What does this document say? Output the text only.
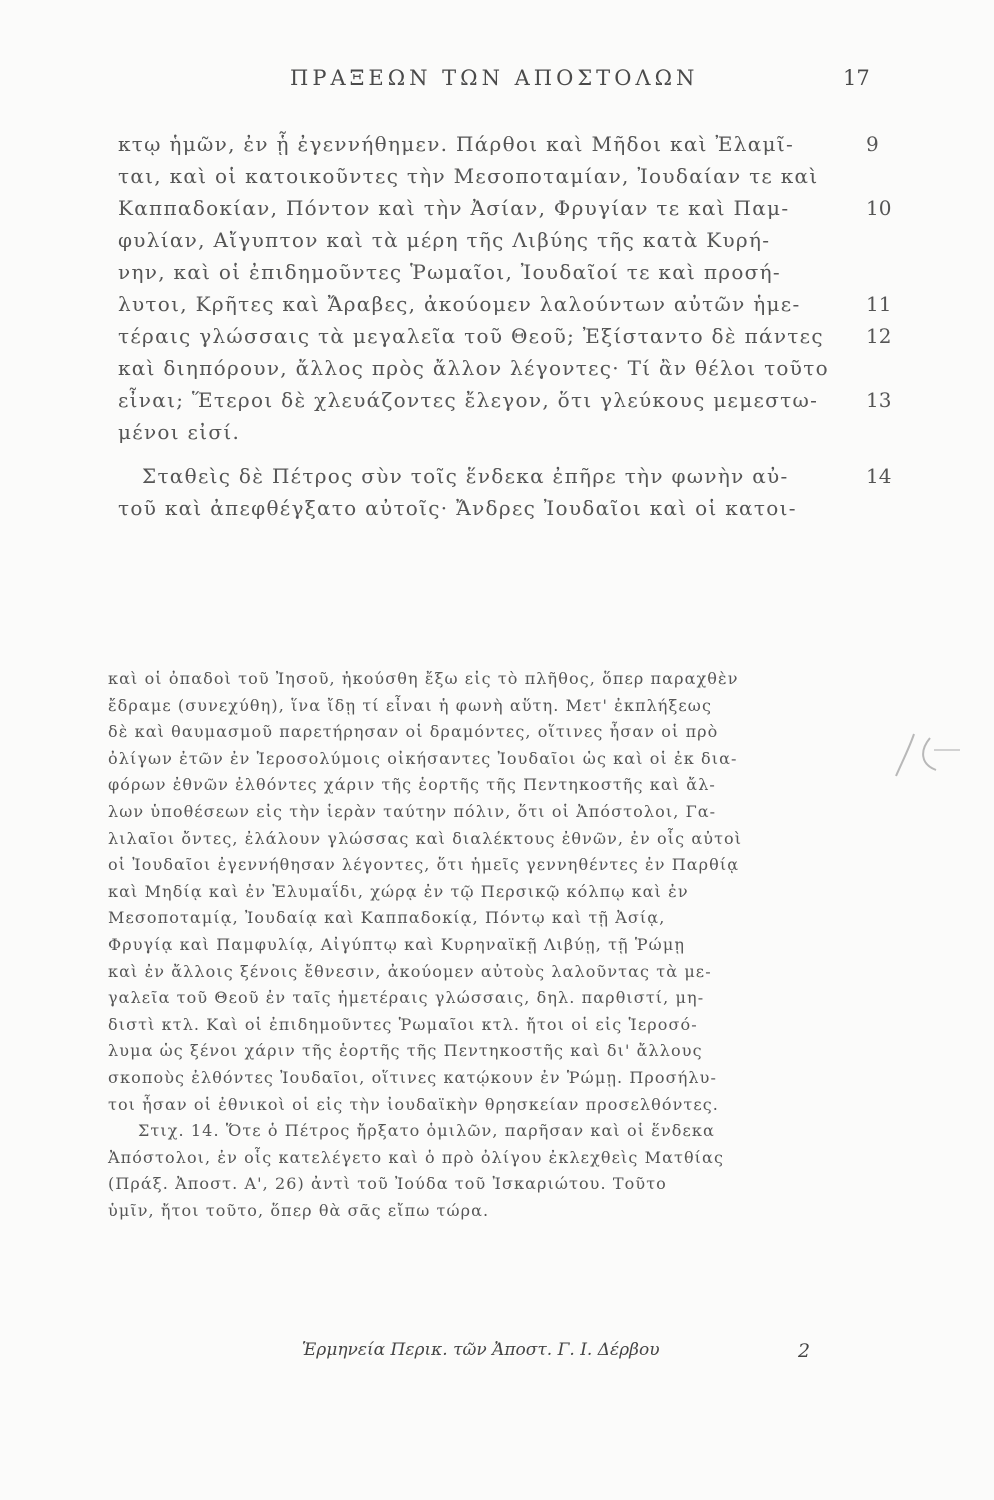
ΠΡΑΞΕΩΝ ΤΩΝ ΑΠΟΣΤΟΛΩΝ	17
κτῳ ἡμῶν, ἐν ᾗ ἐγεννήθημεν. Πάρθοι καὶ Μῆδοι καὶ Ἐλαμῖ-
ται, καὶ οἱ κατοικοῦντες τὴν Μεσοποταμίαν, Ἰουδαίαν τε καὶ
Καππαδοκίαν, Πόντον καὶ τὴν Ἀσίαν, Φρυγίαν τε καὶ Παμ-
φυλίαν, Αἴγυπτον καὶ τὰ μέρη τῆς Λιβύης τῆς κατὰ Κυρή-
νην, καὶ οἱ ἐπιδημοῦντες Ῥωμαῖοι, Ἰουδαῖοί τε καὶ προσή-
λυτοι, Κρῆτες καὶ Ἄραβες, ἀκούομεν λαλούντων αὐτῶν ἡμε-
τέραις γλώσσαις τὰ μεγαλεῖα τοῦ Θεοῦ; Ἐξίσταντο δὲ πάντες
καὶ διηπόρουν, ἄλλος πρὸς ἄλλον λέγοντες· Τί ἂν θέλοι τοῦτο
εἶναι; Ἕτεροι δὲ χλευάζοντες ἔλεγον, ὅτι γλεύκους μεμεστω-
μένοι εἰσί.
Σταθεὶς δὲ Πέτρος σὺν τοῖς ἕνδεκα ἐπῆρε τὴν φωνὴν αὐ-
τοῦ καὶ ἀπεφθέγξατο αὐτοῖς· Ἄνδρες Ἰουδαῖοι καὶ οἱ κατοι-
9
10
11
12
13
14
καὶ οἱ ὀπαδοὶ τοῦ Ἰησοῦ, ἠκούσθη ἔξω εἰς τὸ πλῆθος, ὅπερ παραχθὲν
ἔδραμε (συνεχύθη), ἵνα ἴδῃ τί εἶναι ἡ φωνὴ αὕτη. Μετ' ἐκπλήξεως
δὲ καὶ θαυμασμοῦ παρετήρησαν οἱ δραμόντες, οἵτινες ἦσαν οἱ πρὸ
ὀλίγων ἐτῶν ἐν Ἱεροσολύμοις οἰκήσαντες Ἰουδαῖοι ὡς καὶ οἱ ἐκ δια-
φόρων ἐθνῶν ἐλθόντες χάριν τῆς ἑορτῆς τῆς Πεντηκοστῆς καὶ ἄλ-
λων ὑποθέσεων εἰς τὴν ἱερὰν ταύτην πόλιν, ὅτι οἱ Ἀπόστολοι, Γα-
λιλαῖοι ὄντες, ἐλάλουν γλώσσας καὶ διαλέκτους ἐθνῶν, ἐν οἷς αὐτοὶ
οἱ Ἰουδαῖοι ἐγεννήθησαν λέγοντες, ὅτι ἡμεῖς γεννηθέντες ἐν Παρθίᾳ
καὶ Μηδίᾳ καὶ ἐν Ἐλυμαΐδι, χώρᾳ ἐν τῷ Περσικῷ κόλπῳ καὶ ἐν
Μεσοποταμίᾳ, Ἰουδαίᾳ καὶ Καππαδοκίᾳ, Πόντῳ καὶ τῇ Ἀσίᾳ,
Φρυγίᾳ καὶ Παμφυλίᾳ, Αἰγύπτῳ καὶ Κυρηναϊκῇ Λιβύῃ, τῇ Ῥώμῃ
καὶ ἐν ἄλλοις ξένοις ἔθνεσιν, ἀκούομεν αὐτοὺς λαλοῦντας τὰ με-
γαλεῖα τοῦ Θεοῦ ἐν ταῖς ἡμετέραις γλώσσαις, δηλ. παρθιστί, μη-
διστὶ κτλ. Καὶ οἱ ἐπιδημοῦντες Ῥωμαῖοι κτλ. ἤτοι οἱ εἰς Ἱεροσό-
λυμα ὡς ξένοι χάριν τῆς ἑορτῆς τῆς Πεντηκοστῆς καὶ δι' ἄλλους
σκοποὺς ἐλθόντες Ἰουδαῖοι, οἵτινες κατῴκουν ἐν Ῥώμῃ. Προσήλυ-
τοι ἦσαν οἱ ἐθνικοὶ οἱ εἰς τὴν ἰουδαϊκὴν θρησκείαν προσελθόντες.
Στιχ. 14. Ὅτε ὁ Πέτρος ἤρξατο ὁμιλῶν, παρῆσαν καὶ οἱ ἕνδεκα
Ἀπόστολοι, ἐν οἷς κατελέγετο καὶ ὁ πρὸ ὀλίγου ἐκλεχθεὶς Ματθίας
(Πράξ. Ἀποστ. Α', 26) ἀντὶ τοῦ Ἰούδα τοῦ Ἰσκαριώτου. Τοῦτο
ὑμῖν, ἤτοι τοῦτο, ὅπερ θὰ σᾶς εἴπω τώρα.
Ἑρμηνεία Περικ. τῶν Ἀποστ. Γ. Ι. Δέρβου	2
